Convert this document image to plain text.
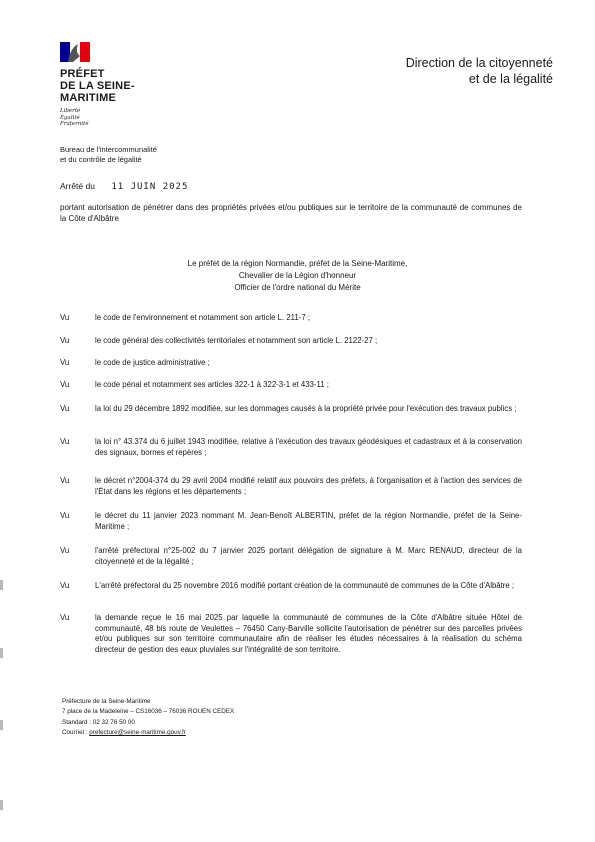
PRÉFET
DE LA SEINE-
MARITIME
Liberté
Égalité
Fraternité
Direction de la citoyenneté
et de la légalité
Bureau de l'intercommunalité
et du contrôle de légalité
Arrêté du 11 JUIN 2025
portant autorisation de pénétrer dans des propriétés privées et/ou publiques sur le territoire de la communauté de communes de la Côte d'Albâtre
Le préfet de la région Normandie, préfet de la Seine-Maritime,
Chevalier de la Légion d'honneur
Officier de l'ordre national du Mérite
Vu	le code de l'environnement et notamment son article L. 211-7 ;
Vu	le code général des collectivités territoriales et notamment son article L. 2122-27 ;
Vu	le code de justice administrative ;
Vu	le code pénal et notamment ses articles 322-1 à 322-3-1 et 433-11 ;
Vu	la loi du 29 décembre 1892 modifiée, sur les dommages causés à la propriété privée pour l'exécution des travaux publics ;
Vu	la loi n° 43.374 du 6 juillet 1943 modifiée, relative à l'exécution des travaux géodésiques et cadastraux et à la conservation des signaux, bornes et repères ;
Vu	le décret n°2004-374 du 29 avril 2004 modifié relatif aux pouvoirs des préfets, à l'organisation et à l'action des services de l'État dans les régions et les départements ;
Vu	le décret du 11 janvier 2023 nommant M. Jean-Benoît ALBERTIN, préfet de la région Normandie, préfet de la Seine-Maritime ;
Vu	l'arrêté préfectoral n°25-002 du 7 janvier 2025 portant délégation de signature à M. Marc RENAUD, directeur de la citoyenneté et de la légalité ;
Vu	L'arrêté préfectoral du 25 novembre 2016 modifié portant création de la communauté de communes de la Côte d'Albâtre ;
Vu	la demande reçue le 16 mai 2025 par laquelle la communauté de communes de la Côte d'Albâtre située Hôtel de communauté, 48 bis route de Veulettes – 76450 Cany-Barville sollicite l'autorisation de pénétrer sur des parcelles privées et/ou publiques sur son territoire communautaire afin de réaliser les études nécessaires à la réalisation du schéma directeur de gestion des eaux pluviales sur l'intégralité de son territoire.
Préfecture de la Seine-Maritime
7 place de la Madeleine – CS16036 – 76036 ROUEN CEDEX
Standard : 02 32 76 50 00
Courriel : prefecture@seine-maritime.gouv.fr
